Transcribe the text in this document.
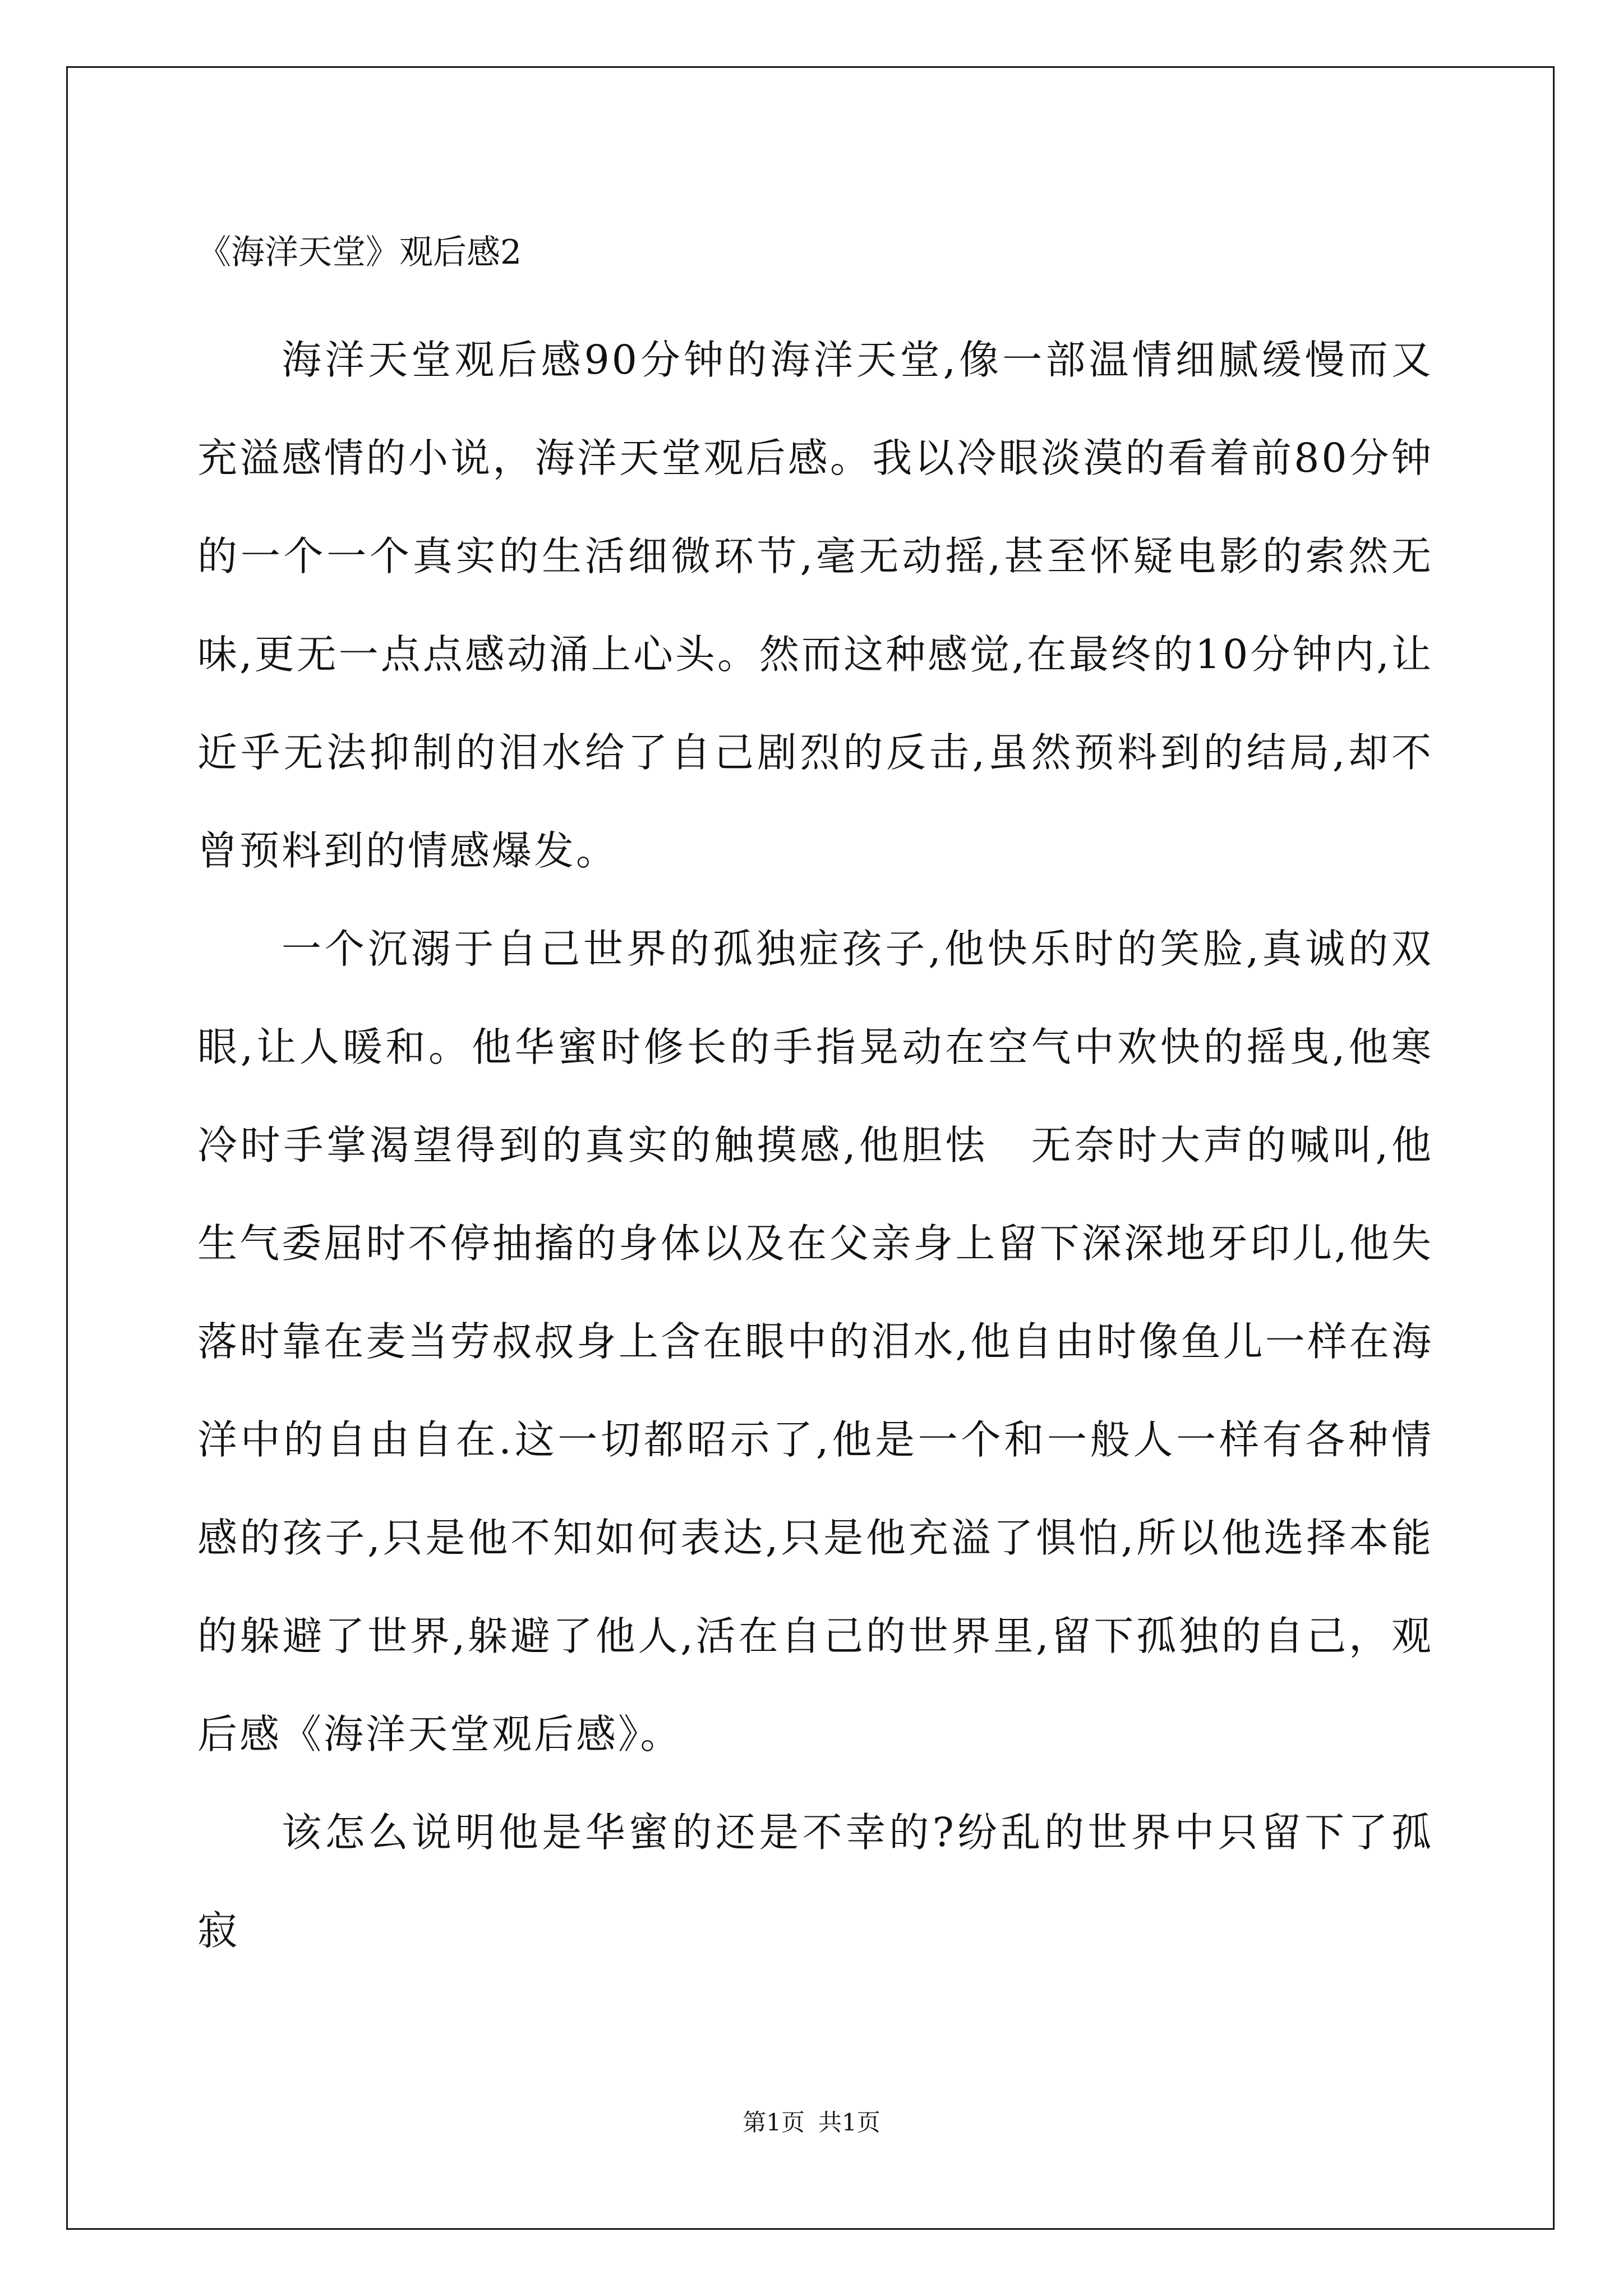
《海洋天堂》观后感2

海洋天堂观后感90分钟的海洋天堂,像一部温情细腻缓慢而又充溢感情的小说，海洋天堂观后感。我以冷眼淡漠的看着前80分钟的一个一个真实的生活细微环节,毫无动摇,甚至怀疑电影的索然无味,更无一点点感动涌上心头。然而这种感觉,在最终的10分钟内,让近乎无法抑制的泪水给了自己剧烈的反击,虽然预料到的结局,却不曾预料到的情感爆发。

一个沉溺于自己世界的孤独症孩子,他快乐时的笑脸,真诚的双眼,让人暖和。他华蜜时修长的手指晃动在空气中欢快的摇曳,他寒冷时手掌渴望得到的真实的触摸感,他胆怯　无奈时大声的喊叫,他生气委屈时不停抽搐的身体以及在父亲身上留下深深地牙印儿,他失落时靠在麦当劳叔叔身上含在眼中的泪水,他自由时像鱼儿一样在海洋中的自由自在.这一切都昭示了,他是一个和一般人一样有各种情感的孩子,只是他不知如何表达,只是他充溢了惧怕,所以他选择本能的躲避了世界,躲避了他人,活在自己的世界里,留下孤独的自己，观后感《海洋天堂观后感》。

该怎么说明他是华蜜的还是不幸的?纷乱的世界中只留下了孤寂

第1页 共1页
